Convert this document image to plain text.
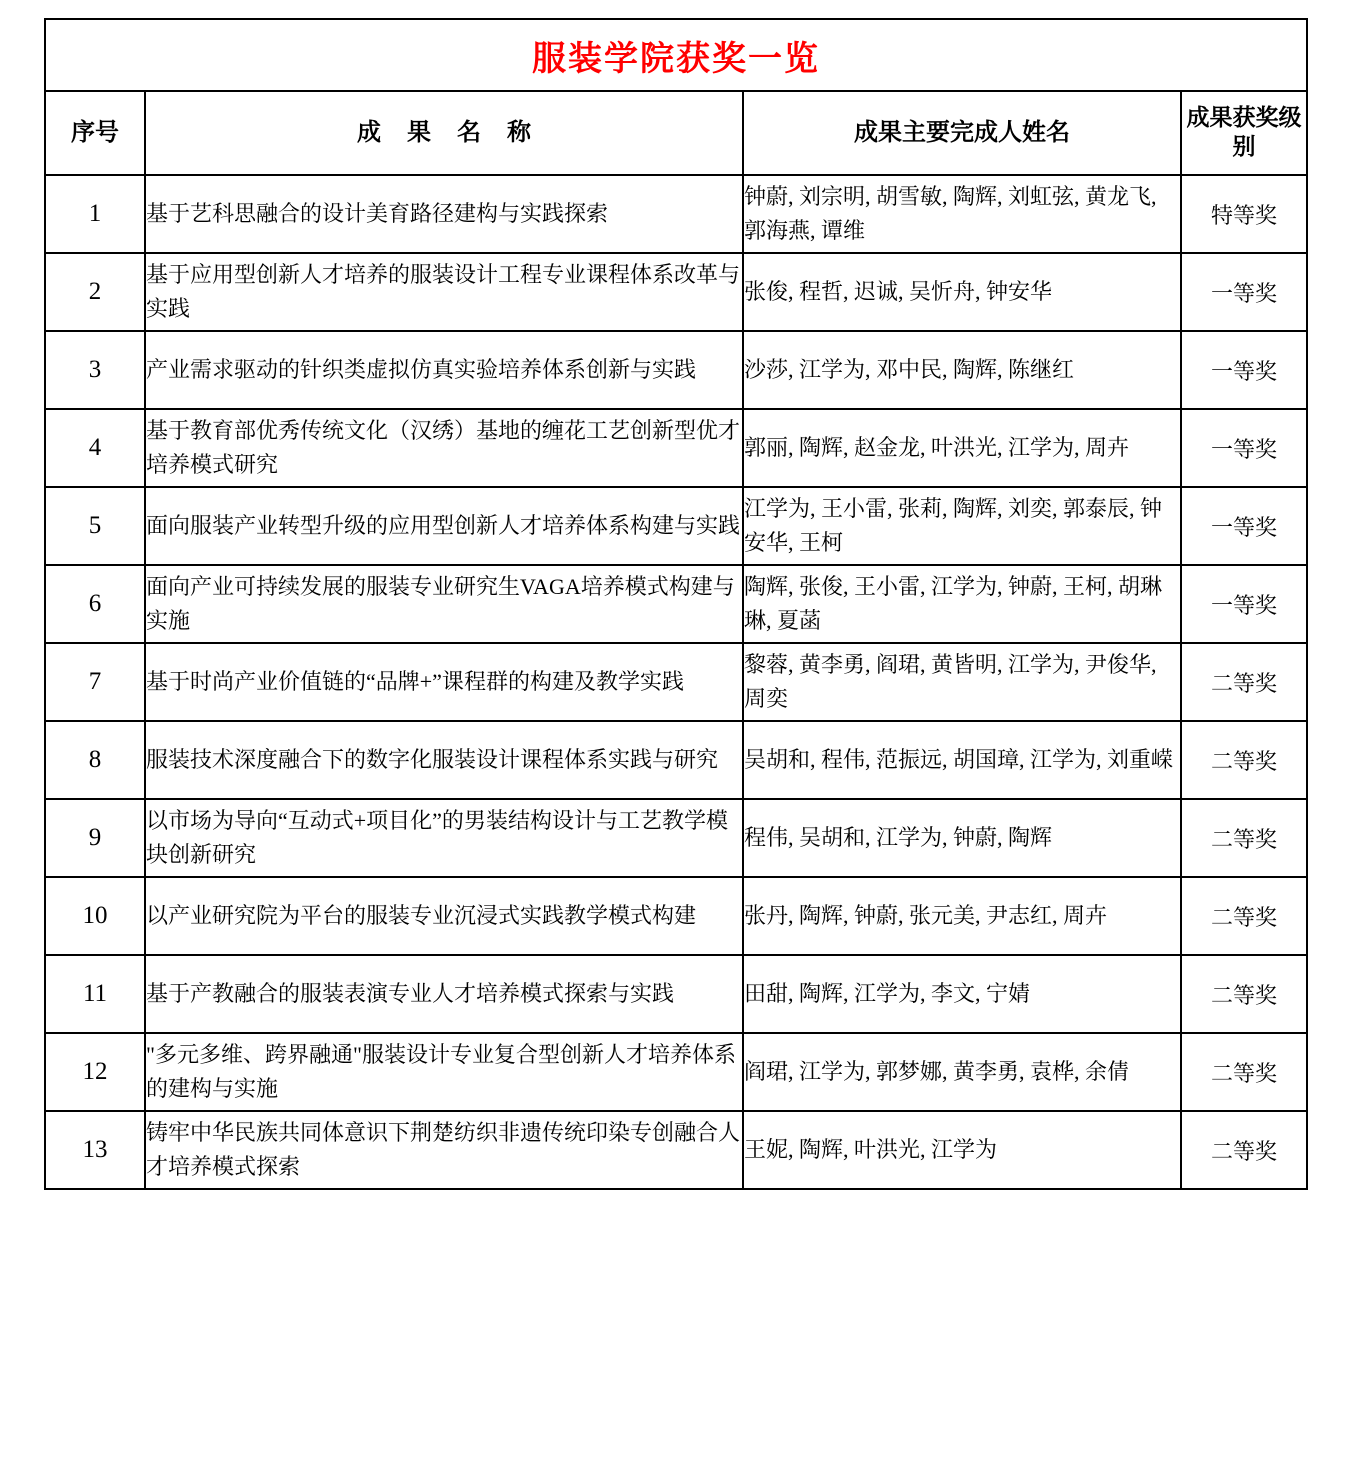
服装学院获奖一览			
序号	成 果 名 称	成果主要完成人姓名	成果获奖级别
1	基于艺科思融合的设计美育路径建构与实践探索	钟蔚, 刘宗明, 胡雪敏, 陶辉, 刘虹弦, 黄龙飞, 郭海燕, 谭维	特等奖
2	基于应用型创新人才培养的服装设计工程专业课程体系改革与实践	张俊, 程哲, 迟诚, 吴忻舟, 钟安华	一等奖
3	产业需求驱动的针织类虚拟仿真实验培养体系创新与实践	沙莎, 江学为, 邓中民, 陶辉, 陈继红	一等奖
4	基于教育部优秀传统文化（汉绣）基地的缠花工艺创新型优才培养模式研究	郭丽, 陶辉, 赵金龙, 叶洪光, 江学为, 周卉	一等奖
5	面向服装产业转型升级的应用型创新人才培养体系构建与实践	江学为, 王小雷, 张莉, 陶辉, 刘奕, 郭泰辰, 钟安华, 王柯	一等奖
6	面向产业可持续发展的服装专业研究生VAGA培养模式构建与实施	陶辉, 张俊, 王小雷, 江学为, 钟蔚, 王柯, 胡琳琳, 夏菡	一等奖
7	基于时尚产业价值链的“品牌+”课程群的构建及教学实践	黎蓉, 黄李勇, 阎珺, 黄皆明, 江学为, 尹俊华, 周奕	二等奖
8	服装技术深度融合下的数字化服装设计课程体系实践与研究	吴胡和, 程伟, 范振远, 胡国璋, 江学为, 刘重嵘	二等奖
9	以市场为导向“互动式+项目化”的男装结构设计与工艺教学模块创新研究	程伟, 吴胡和, 江学为, 钟蔚, 陶辉	二等奖
10	以产业研究院为平台的服装专业沉浸式实践教学模式构建	张丹, 陶辉, 钟蔚, 张元美, 尹志红, 周卉	二等奖
11	基于产教融合的服装表演专业人才培养模式探索与实践	田甜, 陶辉, 江学为, 李文, 宁婧	二等奖
12	"多元多维、跨界融通"服装设计专业复合型创新人才培养体系的建构与实施	阎珺, 江学为, 郭梦娜, 黄李勇, 袁桦, 余倩	二等奖
13	铸牢中华民族共同体意识下荆楚纺织非遗传统印染专创融合人才培养模式探索	王妮, 陶辉, 叶洪光, 江学为	二等奖
